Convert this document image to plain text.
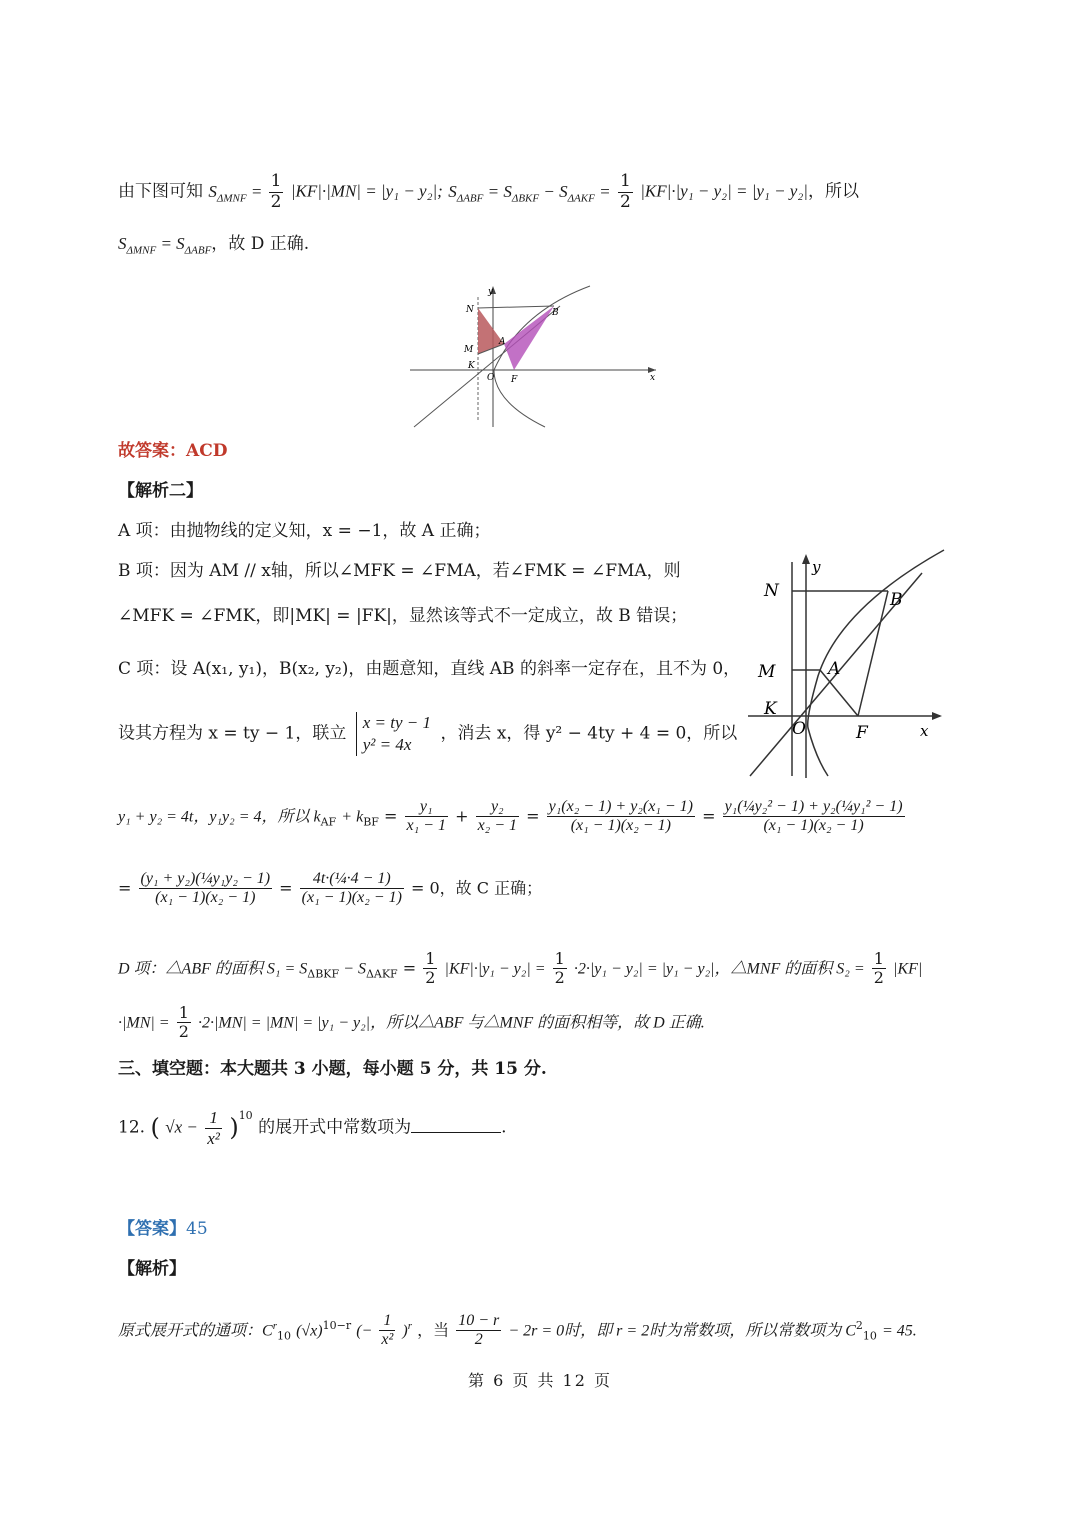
由下图可知 $S_{\Delta MNF} = \frac{1}{2} |KF|\cdot|MN| = |y_1 - y_2|$; $S_{\Delta ABF} = S_{\Delta BKF} - S_{\Delta AKF} = \frac{1}{2} |KF|\cdot|y_1 - y_2| = |y_1 - y_2|$，所以
$S_{\Delta MNF} = S_{\Delta ABF}$，故 D 正确.
y
N	B
M
A
K
O F	x
故答案：ACD
【解析二】
A 项：由抛物线的定义知，x = −1，故 A 正确；
B 项：因为 AM // x轴，所以∠MFK = ∠FMA，若∠FMK = ∠FMA，则
∠MFK = ∠FMK，即|MK| = |FK|，显然该等式不一定成立，故 B 错误；
C 项：设 A(x₁, y₁)，B(x₂, y₂)，由题意知，直线 AB 的斜率一定存在，且不为 0，
设其方程为 x = ty − 1，联立
x = ty − 1
y² = 4x
，消去 x，得 y² − 4ty + 4 = 0，所以
y
N	B
M	A
K
O	F	x
y₁ + y₂ = 4t，y₁y₂ = 4，所以 $k_{AF} + k_{BF} = \frac{\text{y₁}}{\text{x₁ − 1}} + \frac{\text{y₂}}{\text{x₂ − 1}} = \frac{\text{y₁(x₂ − 1) + y₂(x₁ − 1)}}{\text{(x₁ − 1)(x₂ − 1)}} = \frac{\text{y₁(¼y₂² − 1) + y₂(¼y₁² − 1)}}{\text{(x₁ − 1)(x₂ − 1)}}$
= $\frac{\text{(y₁ + y₂)(¼y₁y₂ − 1)}}{\text{(x₁ − 1)(x₂ − 1)}} = \frac{\text{4t·(¼·4 − 1)}}{\text{(x₁ − 1)(x₂ − 1)}} = 0$，故 C 正确；
D 项：△ABF 的面积 $S_1 = S_{\Delta BKF} - S_{\Delta AKF} = \frac{1}{2} |KF|\cdot|y_1 - y_2| = \frac{1}{2} \cdot 2\cdot|y_1 - y_2| = |y_1 - y_2|$，△MNF 的面积 $S_2 = \frac{1}{2} |KF|$
$\cdot|MN| = \frac{1}{2} \cdot 2\cdot|MN| = |MN| = |y_1 - y_2|$，所以△ABF 与△MNF 的面积相等，故 D 正确.
三、填空题：本大题共 3 小题，每小题 5 分，共 15 分.
12. ( $√x - \frac{1}{\text{x²}} )^{10}$ 的展开式中常数项为	.
【答案】45
【解析】
原式展开式的通项：$C^r_{10}$ $(√x)^{10-r}$ (− $\frac{1}{\text{x²}} )^r$ ，当 $\frac{10 - r}{2} - 2r = 0$时，即 r = 2时为常数项，所以常数项为 $C^2_{10} = 45$.
第 6 页 共 12 页
